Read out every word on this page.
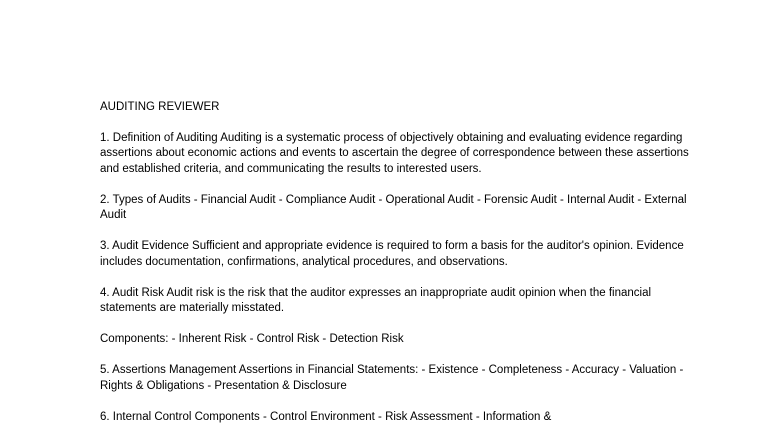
AUDITING REVIEWER

1. Definition of Auditing Auditing is a systematic process of objectively obtaining and evaluating evidence regarding assertions about economic actions and events to ascertain the degree of correspondence between these assertions and established criteria, and communicating the results to interested users.

2. Types of Audits - Financial Audit - Compliance Audit - Operational Audit - Forensic Audit - Internal Audit - External Audit

3. Audit Evidence Sufficient and appropriate evidence is required to form a basis for the auditor's opinion. Evidence includes documentation, confirmations, analytical procedures, and observations.

4. Audit Risk Audit risk is the risk that the auditor expresses an inappropriate audit opinion when the financial statements are materially misstated.

Components: - Inherent Risk - Control Risk - Detection Risk

5. Assertions Management Assertions in Financial Statements: - Existence - Completeness - Accuracy - Valuation - Rights & Obligations - Presentation & Disclosure

6. Internal Control Components - Control Environment - Risk Assessment - Information &
